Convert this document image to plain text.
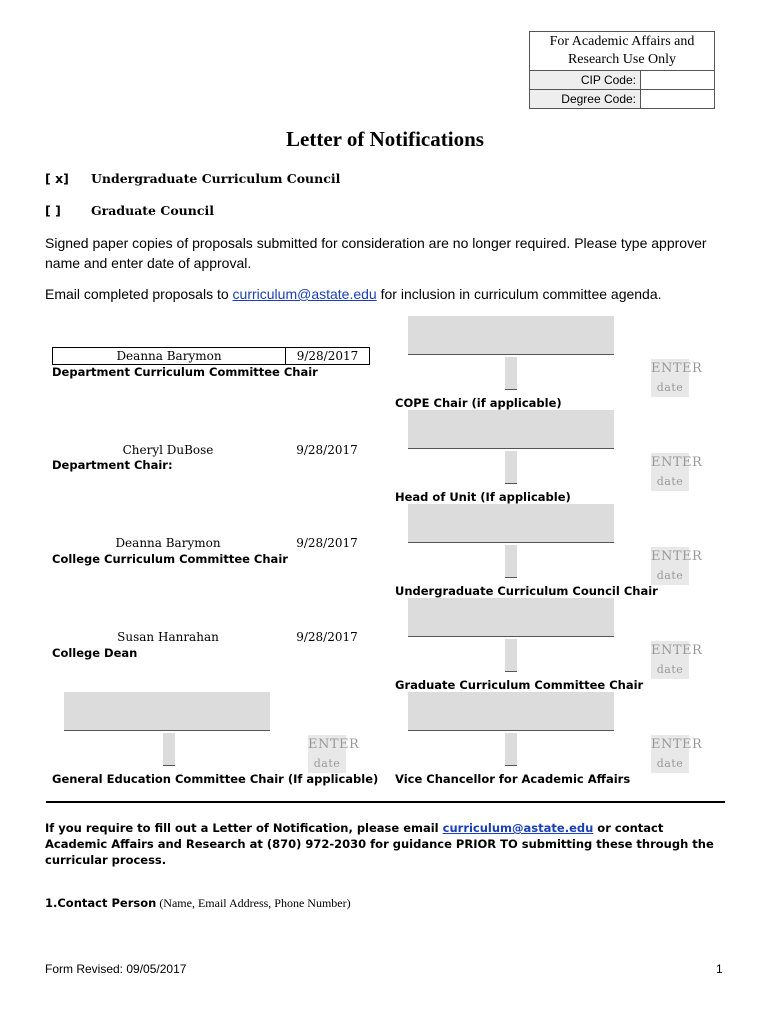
For Academic Affairs and Research Use Only
CIP Code:
Degree Code:
Letter of Notifications
[ x] Undergraduate Curriculum Council
[ ] Graduate Council
Signed paper copies of proposals submitted for consideration are no longer required. Please type approver name and enter date of approval.
Email completed proposals to curriculum@astate.edu for inclusion in curriculum committee agenda.
Deanna Barymon	9/28/2017
Department Curriculum Committee Chair
Cheryl DuBose	9/28/2017
Department Chair:
Deanna Barymon	9/28/2017
College Curriculum Committee Chair
Susan Hanrahan	9/28/2017
College Dean
ENTER
date
General Education Committee Chair (If applicable)
ENTER
date
COPE Chair (if applicable)
ENTER
date
Head of Unit (If applicable)
ENTER
date
Undergraduate Curriculum Council Chair
ENTER
date
Graduate Curriculum Committee Chair
ENTER
date
Vice Chancellor for Academic Affairs
If you require to fill out a Letter of Notification, please email curriculum@astate.edu or contact Academic Affairs and Research at (870) 972-2030 for guidance PRIOR TO submitting these through the curricular process.
1.Contact Person (Name, Email Address, Phone Number)
Form Revised: 09/05/2017	1
